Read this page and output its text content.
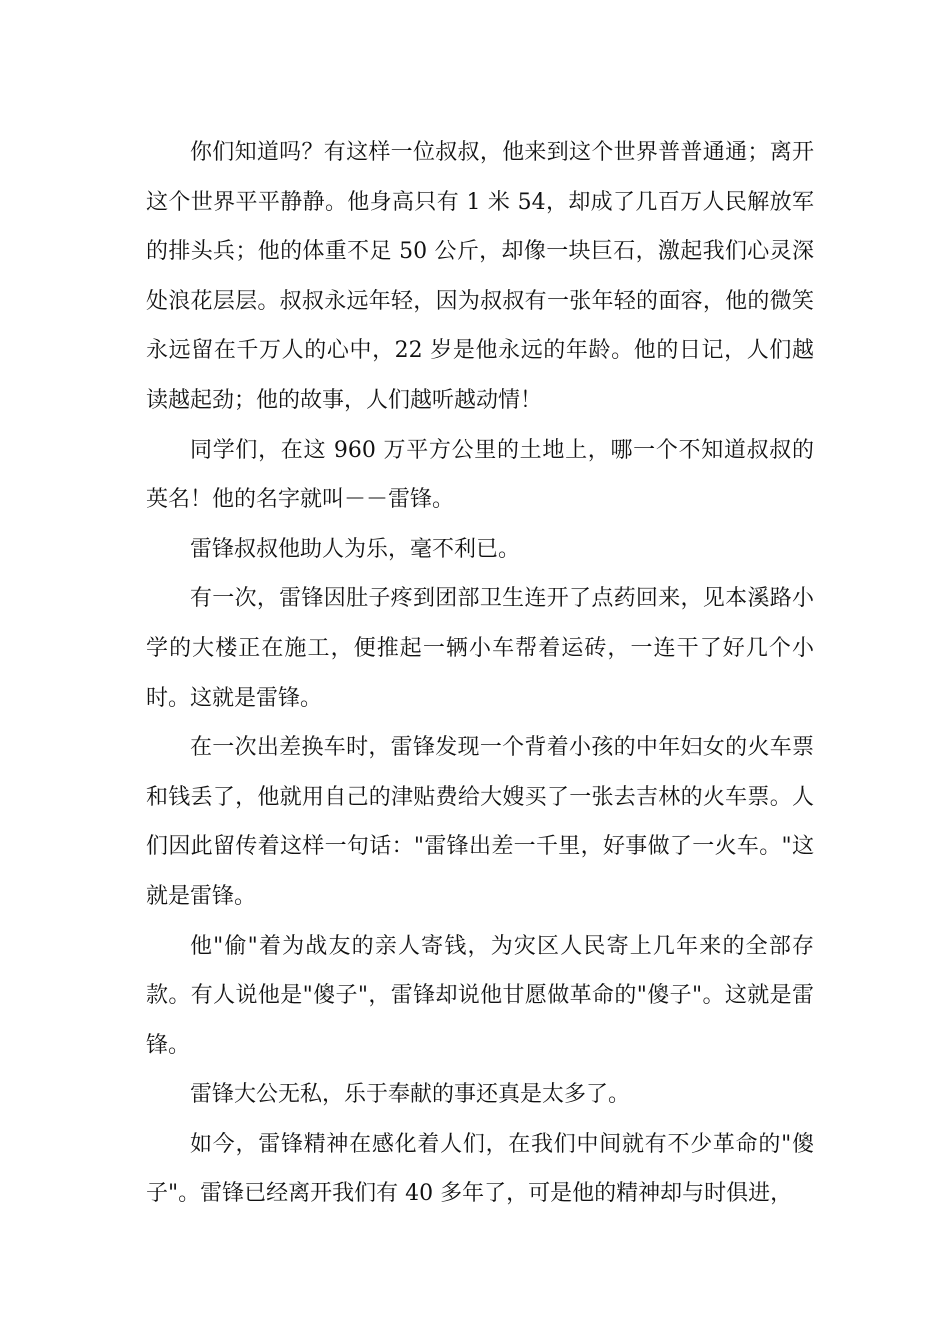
你们知道吗？有这样一位叔叔，他来到这个世界普普通通；离开这个世界平平静静。他身高只有 1 米 54，却成了几百万人民解放军的排头兵；他的体重不足 50 公斤，却像一块巨石，激起我们心灵深处浪花层层。叔叔永远年轻，因为叔叔有一张年轻的面容，他的微笑永远留在千万人的心中，22 岁是他永远的年龄。他的日记，人们越读越起劲；他的故事，人们越听越动情！

同学们，在这 960 万平方公里的土地上，哪一个不知道叔叔的英名！他的名字就叫－－雷锋。

雷锋叔叔他助人为乐，毫不利已。

有一次，雷锋因肚子疼到团部卫生连开了点药回来，见本溪路小学的大楼正在施工，便推起一辆小车帮着运砖，一连干了好几个小时。这就是雷锋。

在一次出差换车时，雷锋发现一个背着小孩的中年妇女的火车票和钱丢了，他就用自己的津贴费给大嫂买了一张去吉林的火车票。人们因此留传着这样一句话："雷锋出差一千里，好事做了一火车。"这就是雷锋。

他"偷"着为战友的亲人寄钱，为灾区人民寄上几年来的全部存款。有人说他是"傻子"，雷锋却说他甘愿做革命的"傻子"。这就是雷锋。

雷锋大公无私，乐于奉献的事还真是太多了。

如今，雷锋精神在感化着人们，在我们中间就有不少革命的"傻子"。雷锋已经离开我们有 40 多年了，可是他的精神却与时俱进，
